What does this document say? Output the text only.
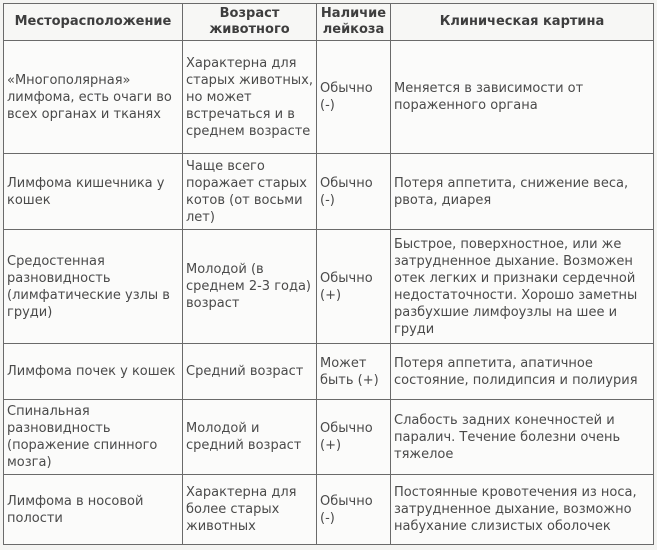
Месторасположение	Возраст животного	Наличие лейкоза	Клиническая картина
«Многополярная» лимфома, есть очаги во всех органах и тканях	Характерна для старых животных, но может встречаться и в среднем возрасте	Обычно (-)	Меняется в зависимости от пораженного органа
Лимфома кишечника у кошек	Чаще всего поражает старых котов (от восьми лет)	Обычно (-)	Потеря аппетита, снижение веса, рвота, диарея
Средостенная разновидность (лимфатические узлы в груди)	Молодой (в среднем 2-3 года) возраст	Обычно (+)	Быстрое, поверхностное, или же затрудненное дыхание. Возможен отек легких и признаки сердечной недостаточности. Хорошо заметны разбухшие лимфоузлы на шее и груди
Лимфома почек у кошек	Средний возраст	Может быть (+)	Потеря аппетита, апатичное состояние, полидипсия и полиурия
Спинальная разновидность (поражение спинного мозга)	Молодой и средний возраст	Обычно (+)	Слабость задних конечностей и паралич. Течение болезни очень тяжелое
Лимфома в носовой полости	Характерна для более старых животных	Обычно (-)	Постоянные кровотечения из носа, затрудненное дыхание, возможно набухание слизистых оболочек
